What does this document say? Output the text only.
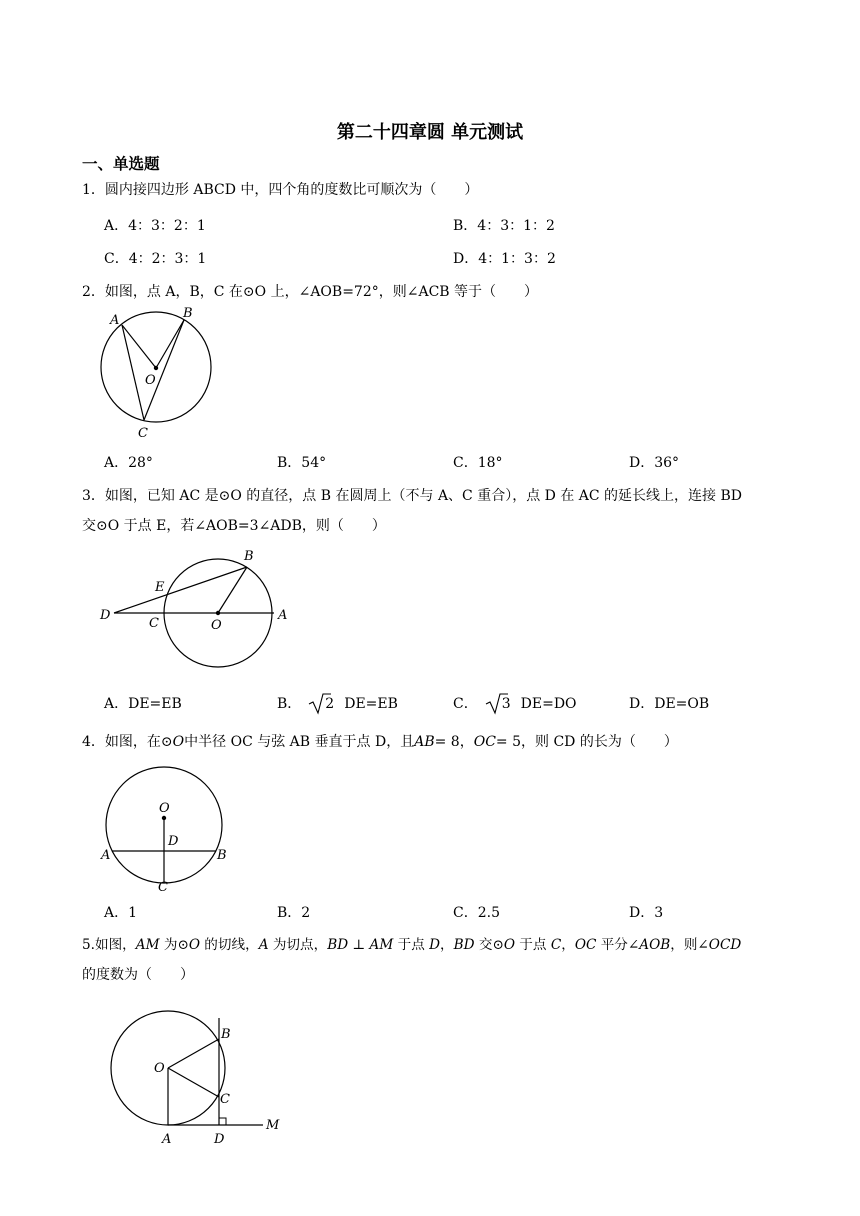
第二十四章圆 单元测试
一、单选题
1．圆内接四边形 ABCD 中，四个角的度数比可顺次为（　　）
A．4：3：2：1	B．4：3：1：2
C．4：2：3：1	D．4：1：3：2
2．如图，点 A，B，C 在⊙O 上，∠AOB=72°，则∠ACB 等于（　　）
A	B
O
C
A．28°	B．54°	C．18°	D．36°
3．如图，已知 AC 是⊙O 的直径，点 B 在圆周上（不与 A、C 重合），点 D 在 AC 的延长线上，连接 BD
交⊙O 于点 E，若∠AOB=3∠ADB，则（　　）
B
E
D
C	O
A
A．DE=EB	B． 2 DE=EB	C． 3 DE=DO	D．DE=OB
4．如图，在⊙O中半径 OC 与弦 AB 垂直于点 D，且AB= 8，OC= 5，则 CD 的长为（　　）
O
D
A	B
C
A．1	B．2	C．2.5	D．3
5.如图，AM 为⊙O 的切线，A 为切点，BD ⊥ AM 于点 D，BD 交⊙O 于点 C，OC 平分∠AOB，则∠OCD
的度数为（　　）
B
O
C
A	D
M
